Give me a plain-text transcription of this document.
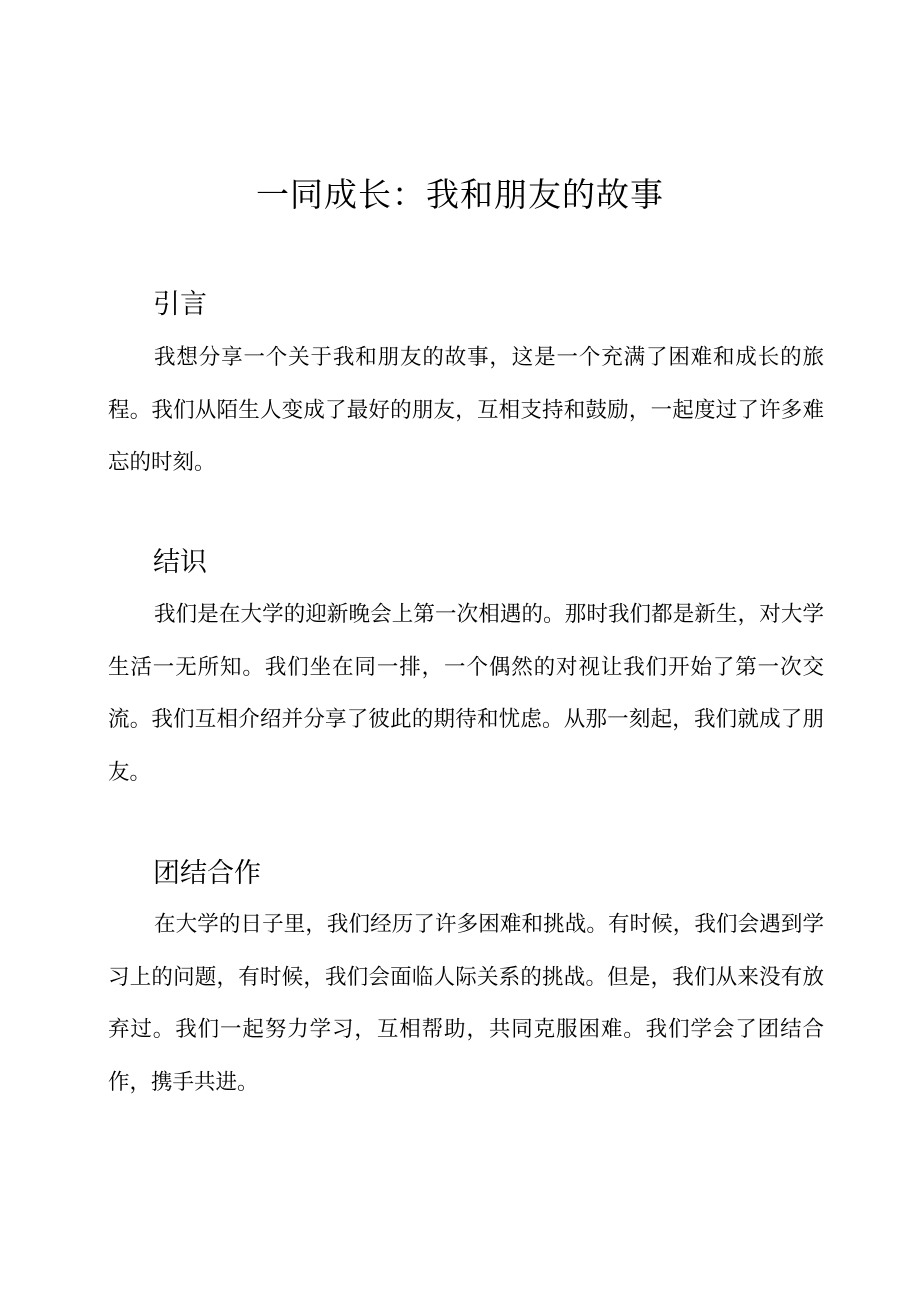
一同成长：我和朋友的故事
引言

我想分享一个关于我和朋友的故事，这是一个充满了困难和成长的旅程。我们从陌生人变成了最好的朋友，互相支持和鼓励，一起度过了许多难忘的时刻。

结识

我们是在大学的迎新晚会上第一次相遇的。那时我们都是新生，对大学生活一无所知。我们坐在同一排，一个偶然的对视让我们开始了第一次交流。我们互相介绍并分享了彼此的期待和忧虑。从那一刻起，我们就成了朋友。

团结合作

在大学的日子里，我们经历了许多困难和挑战。有时候，我们会遇到学习上的问题，有时候，我们会面临人际关系的挑战。但是，我们从来没有放弃过。我们一起努力学习，互相帮助，共同克服困难。我们学会了团结合作，携手共进。
